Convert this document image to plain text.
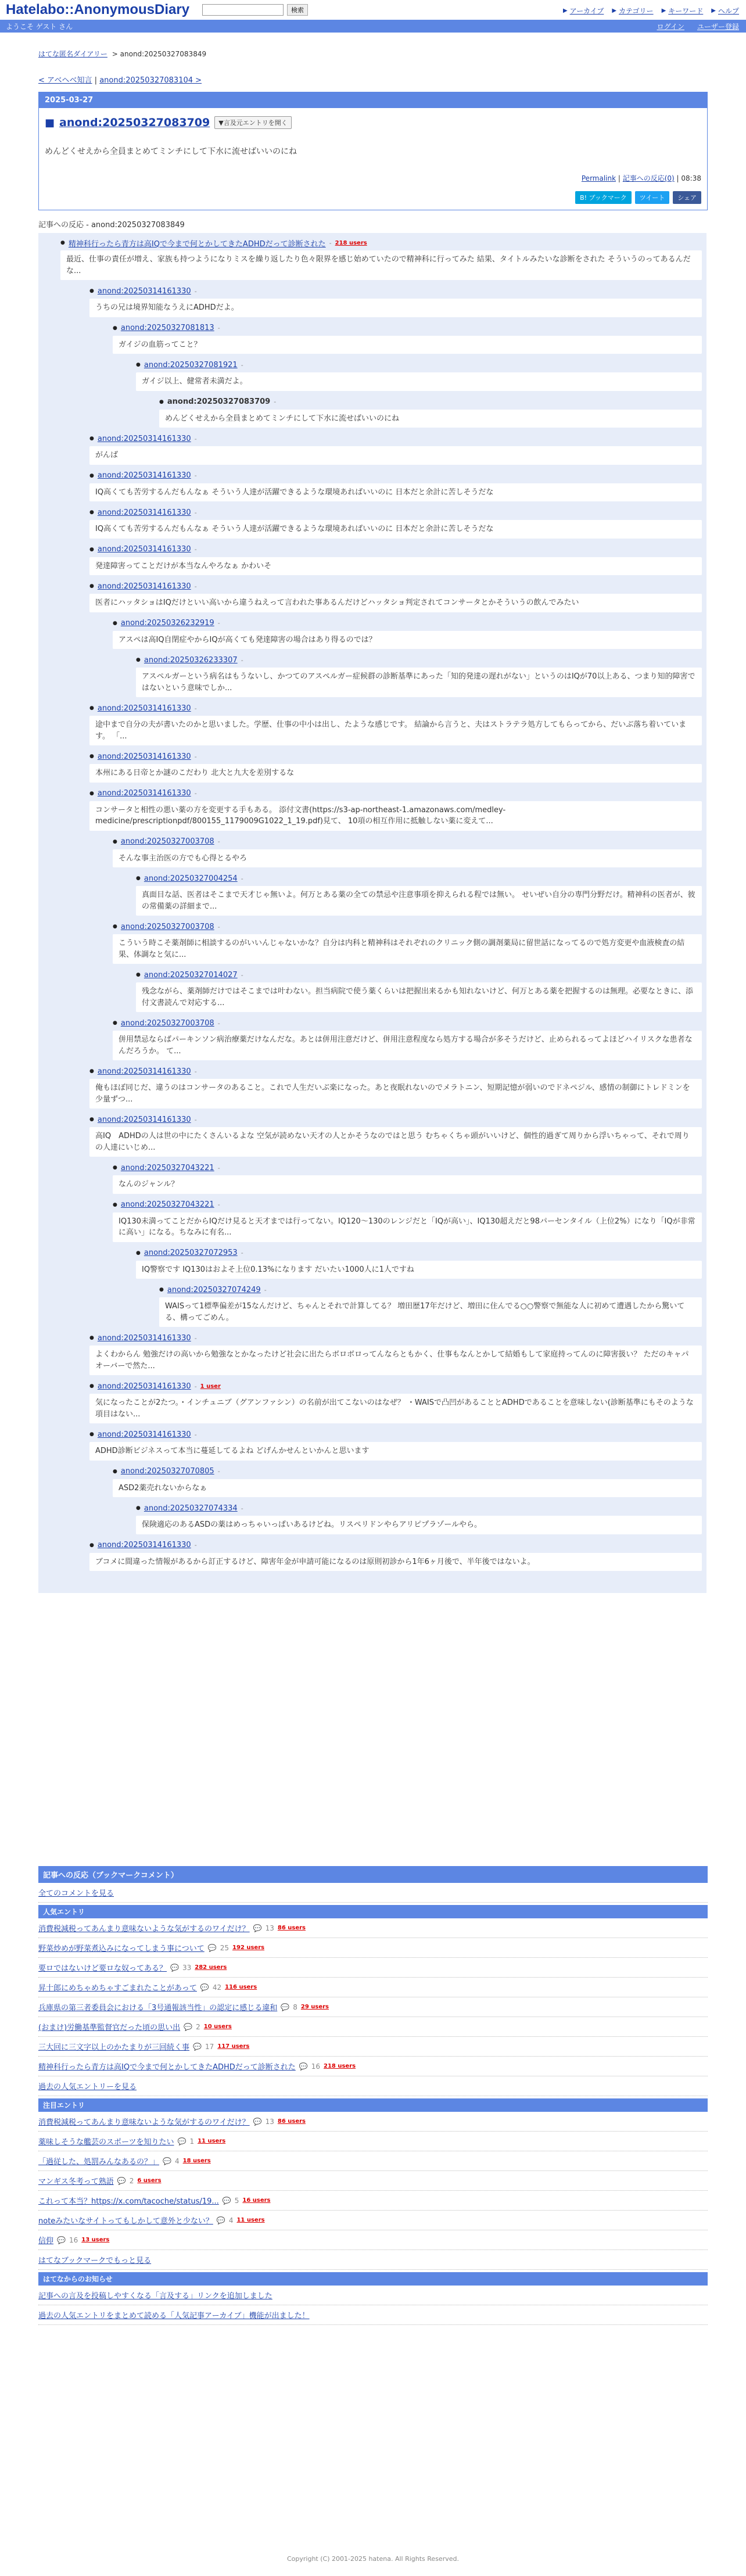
Hatelabo::AnonymousDiary	検索	▶ アーカイブ ▶ カテゴリー ▶ キーワード ▶ ヘルプ
ようこそ ゲスト さん	ログイン ユーザー登録
はてな匿名ダイアリー > anond:20250327083849
< アベヘベ知言 | anond:20250327083104 >
2025-03-27
■ anond:20250327083709	▼言及元エントリを開く
めんどくせえから全員まとめてミンチにして下水に流せばいいのにね
Permalink | 記事への反応(0) | 08:38
B! ブックマーク	ツイート	シェア
記事への反応 - anond:20250327083849
● 精神科行ったら青方は高IQで今まで何とかしてきたADHDだって診断された - 218 users
最近、仕事の責任が増え、家族も持つようになりミスを繰り返したり色々限界を感じ始めていたので精神科に行ってみた 結果、タイトルみたいな診断をされた そういうのってあるんだな...
● anond:20250314161330 -
うちの兄は境界知能なうえにADHDだよ。
● anond:20250327081813 -
ガイジの血筋ってこと？
● anond:20250327081921 -
ガイジ以上、健常者未満だよ。
● anond:20250327083709 -
めんどくせえから全員まとめてミンチにして下水に流せばいいのにね
● anond:20250314161330 -
がんば
● anond:20250314161330 -
IQ高くても苦労するんだもんなぁ そういう人達が活躍できるような環境あればいいのに 日本だと余計に苦しそうだな
● anond:20250314161330 -
IQ高くても苦労するんだもんなぁ そういう人達が活躍できるような環境あればいいのに 日本だと余計に苦しそうだな
● anond:20250314161330 -
発達障害ってことだけが本当なんやろなぁ かわいそ
● anond:20250314161330 -
医者にハッタショはIQだけといい高いから違うねえって言われた事あるんだけどハッタショ判定されてコンサータとかそういうの飲んでみたい
● anond:20250326232919 -
アスペは高IQ自閉症やからIQが高くても発達障害の場合はあり得るのでは？
● anond:20250326233307 -
アスペルガーという病名はもうないし、かつてのアスペルガー症候群の診断基準にあった「知的発達の遅れがない」というのはIQが70以上ある、つまり知的障害ではないという意味でしか...
● anond:20250314161330 -
途中まで自分の夫が書いたのかと思いました。学歴、仕事の中小は出し、たような感じです。 結論から言うと、夫はストラテラ処方してもらってから、だいぶ落ち着いています。 「...
● anond:20250314161330 -
本州にある日帝とか謎のこだわり 北大と九大を差別するな
● anond:20250314161330 -
コンサータと相性の悪い薬の方を変更する手もある。 添付文書(https://s3-ap-northeast-1.amazonaws.com/medley-medicine/prescriptionpdf/800155_1179009G1022_1_19.pdf)見て、 10項の相互作用に抵触しない薬に変えて...
● anond:20250327003708 -
そんな事主治医の方でも心得とるやろ
● anond:20250327004254 -
真面目な話、医者はそこまで天才じゃ無いよ。何万とある薬の全ての禁忌や注意事項を抑えられる程では無い。 せいぜい自分の専門分野だけ。精神科の医者が、彼の常備薬の詳細まで...
● anond:20250327003708 -
こういう時こそ薬剤師に相談するのがいいんじゃないかな？自分は内科と精神科はそれぞれのクリニック側の調剤薬局に留世話になってるので処方変更や血液検査の結果、体調なと気に...
● anond:20250327014027 -
残念ながら、薬剤師だけではそこまでは叶わない。担当病院で使う薬くらいは把握出来るかも知れないけど、何万とある薬を把握するのは無理。必要なときに、添付文書読んで対応する...
● anond:20250327003708 -
併用禁忌ならばパーキンソン病治療薬だけなんだな。あとは併用注意だけど、併用注意程度なら処方する場合が多そうだけど、止められるってよほどハイリスクな患者なんだろうか。 て...
● anond:20250314161330 -
俺もほぼ同じだ、違うのはコンサータのあること。これで人生だいぶ楽になった。あと夜眠れないのでメラトニン、短期記憶が弱いのでドネペジル、感情の制御にトレドミンを少量ずつ...
● anond:20250314161330 -
高IQ　ADHDの人は世の中にたくさんいるよな 空気が読めない天才の人とかそうなのではと思う むちゃくちゃ頭がいいけど、個性的過ぎて周りから浮いちゃって、それで周りの人達にいじめ...
● anond:20250327043221 -
なんのジャンル？
● anond:20250327043221 -
IQ130未満ってことだからIQだけ見ると天才までは行ってない。IQ120〜130のレンジだと「IQが高い」、IQ130超えだと98パーセンタイル（上位2%）になり「IQが非常に高い」になる。ちなみに有名...
● anond:20250327072953 -
IQ警察です IQ130はおよそ上位0.13%になります だいたい1000人に1人ですね
● anond:20250327074249 -
WAISって1標準偏差が15なんだけど、ちゃんとそれで計算してる？ 増田歴17年だけど、増田に住んでる○○警察で無能な人に初めて遭遇したから驚いてる、構ってごめん。
● anond:20250314161330 -
よくわからん 勉強だけの高いから勉強なとかなったけど社会に出たらボロボロってんならともかく、仕事もなんとかして結婚もして家庭持ってんのに障害扱い？ ただのキャパオーバーで然た...
● anond:20250314161330 - 1 user
気になったことが2たつ。・インチュニブ（グアンファシン）の名前が出てこないのはなぜ？ ・WAISで凸凹があることとADHDであることを意味しない(診断基準にもそのような項目はない...
● anond:20250314161330 -
ADHD診断ビジネスって本当に蔓延してるよね どげんかせんといかんと思います
● anond:20250327070805 -
ASD2薬売れないからなぁ
● anond:20250327074334 -
保険適応のあるASDの薬はめっちゃいっぱいあるけどね。リスペリドンやらアリピプラゾールやら。
● anond:20250314161330 -
ブコメに間違った情報があるから訂正するけど、障害年金が申請可能になるのは原則初診から1年6ヶ月後で、半年後ではないよ。
記事への反応（ブックマークコメント）
全てのコメントを見る
人気エントリ
消費税減税ってあんまり意味ないような気がするのワイだけ？ 💬 13 86 users
野菜炒めが野菜煮込みになってしまう事について 💬 25 192 users
要ロではないけど要ロな奴ってある？ 💬 33 282 users
昇十郎にめちゃめちゃすごまれたことがあって 💬 42 116 users
兵庫県の第三者委員会における「3号通報該当性」の認定に感じる違和 💬 8 29 users
(おまけ)労働基準監督官だった頃の思い出 💬 2 10 users
三大回に三文字以上のかたまりが三回続く事 💬 17 117 users
精神科行ったら青方は高IQで今まで何とかしてきたADHDだって診断された 💬 16 218 users
過去の人気エントリーを見る
注目エントリ
消費税減税ってあんまり意味ないような気がするのワイだけ？ 💬 13 86 users
薬味しそうな艦芸のスポーツを知りたい 💬 1 11 users
「過従した、処罰みんなあるの？」 💬 4 18 users
マンギス冬考って熟語 💬 2 6 users
これって本当？https://x.com/tacoche/status/19... 💬 5 16 users
noteみたいなサイトってもしかして意外と少ない？ 💬 4 11 users
信仰 💬 16 13 users
はてなブックマークでもっと見る
はてなからのお知らせ
記事への言及を投稿しやすくなる「言及する」リンクを追加しました
過去の人気エントリをまとめて読める「人気記事アーカイブ」機能が出ました！
Copyright (C) 2001-2025 hatena. All Rights Reserved.
